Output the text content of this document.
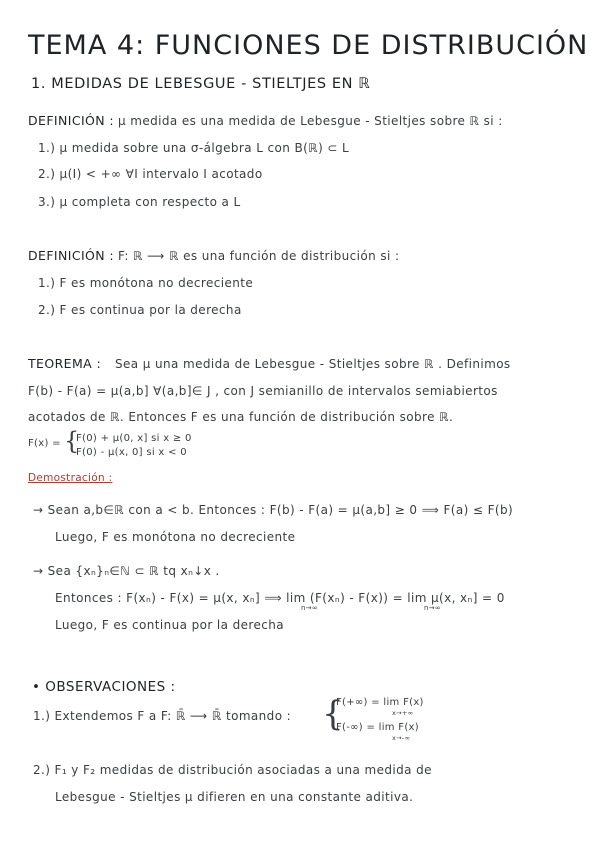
TEMA 4: FUNCIONES DE DISTRIBUCIÓN
1. MEDIDAS DE LEBESGUE - STIELTJES EN ℝ
DEFINICIÓN : μ medida es una medida de Lebesgue - Stieltjes sobre ℝ si :
1.) μ medida sobre una σ-álgebra L con B(ℝ) ⊂ L
2.) μ(I) < +∞ ∀I intervalo I acotado
3.) μ completa con respecto a L
DEFINICIÓN : F: ℝ ⟶ ℝ es una función de distribución si :
1.) F es monótona no decreciente
2.) F es continua por la derecha
TEOREMA : Sea μ una medida de Lebesgue - Stieltjes sobre ℝ . Definimos
F(b) - F(a) = μ(a,b] ∀(a,b]∈ J , con J semianillo de intervalos semiabiertos
acotados de ℝ. Entonces F es una función de distribución sobre ℝ.
F(x) = {
F(0) + μ(0, x] si x ≥ 0
F(0) - μ(x, 0] si x < 0
Demostración :
→ Sean a,b∈ℝ con a < b. Entonces : F(b) - F(a) = μ(a,b] ≥ 0 ⟹ F(a) ≤ F(b)
Luego, F es monótona no decreciente
→ Sea {xₙ}ₙ∈ℕ ⊂ ℝ tq xₙ↓x .
Entonces : F(xₙ) - F(x) = μ(x, xₙ] ⟹ lim (F(xₙ) - F(x)) = lim μ(x, xₙ] = 0
n→∞	n→∞
Luego, F es continua por la derecha
• OBSERVACIONES :
1.) Extendemos F a F: ℝ̄ ⟶ ℝ̄ tomando : {
F(+∞) = lim F(x)
x→+∞
F(-∞) = lim F(x)
x→-∞
2.) F₁ y F₂ medidas de distribución asociadas a una medida de
Lebesgue - Stieltjes μ difieren en una constante aditiva.
